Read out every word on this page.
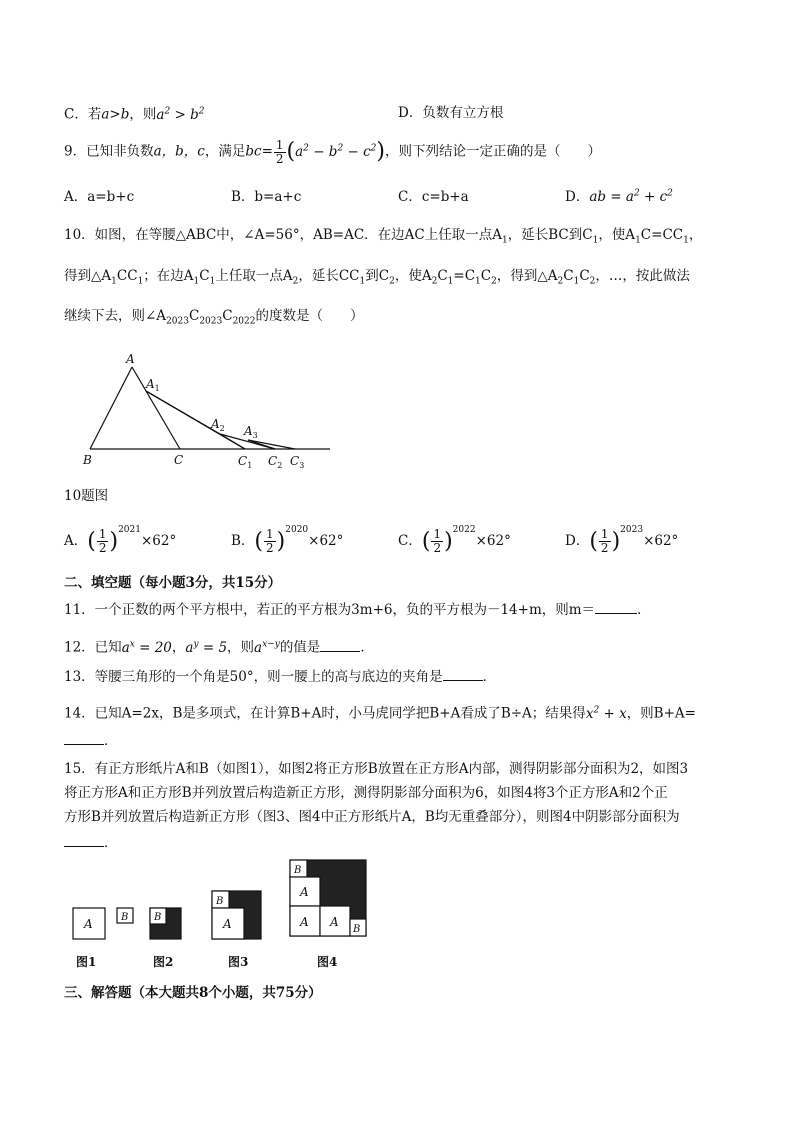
C．若a>b，则$a^2 > b^2$	D．负数有立方根
9．已知非负数a，b，c，满足$bc= \frac{1}{2} (a^2 - b^2 - c^2)$，则下列结论一定正确的是（　　）
A．a=b+c	B．b=a+c	C．c=b+a	D．ab = $a^2 + c^2$
10．如图，在等腰△ABC中，∠A=56°，AB=AC．在边AC上任取一点$A_1$，延长BC到$C_1$，使$A_1C=CC_1$，
得到$\triangle A_1CC_1$；在边$A_1C_1$上任取一点$A_2$，延长$CC_1$到$C_2$，使$A_2C_1=C_1C_2$，得到$\triangle A_2C_1C_2$，…，按此做法
继续下去，则$\angle A_{2023}C_{2023}C_{2022}$的度数是（　　）
A
$A_1$
$A_2$ $A_3$
B	C	$C_1$ $C_2$ $C_3$
10题图
A．( $\frac{1}{2} )^{2021}\times 62^\circ$	B．( $\frac{1}{2} )^{2020}\times 62^\circ$	C．( $\frac{1}{2} )^{2022}\times 62^\circ$	D．( $\frac{1}{2} )^{2023}\times 62^\circ$
二、填空题（每小题3分，共15分）
11．一个正数的两个平方根中，若正的平方根为3m+6，负的平方根为－14+m，则m＝	．
12．已知$a^x = 20$，$a^y = 5$，则$a^{x-y}$的值是	．
13．等腰三角形的一个角是50°，则一腰上的高与底边的夹角是	．
14．已知A=2x，B是多项式，在计算B+A时，小马虎同学把B+A看成了B÷A；结果得$x^2 + x$，则B+A=
．
15．有正方形纸片A和B（如图1），如图2将正方形B放置在正方形A内部，测得阴影部分面积为2，如图3
将正方形A和正方形B并列放置后构造新正方形，测得阴影部分面积为6，如图4将3个正方形A和2个正
方形B并列放置后构造新正方形（图3、图4中正方形纸片A，B均无重叠部分），则图4中阴影部分面积为
．
A	B	B
B
A
B
A
A A
B
图1	图2	图3	图4
三、解答题（本大题共8个小题，共75分）
